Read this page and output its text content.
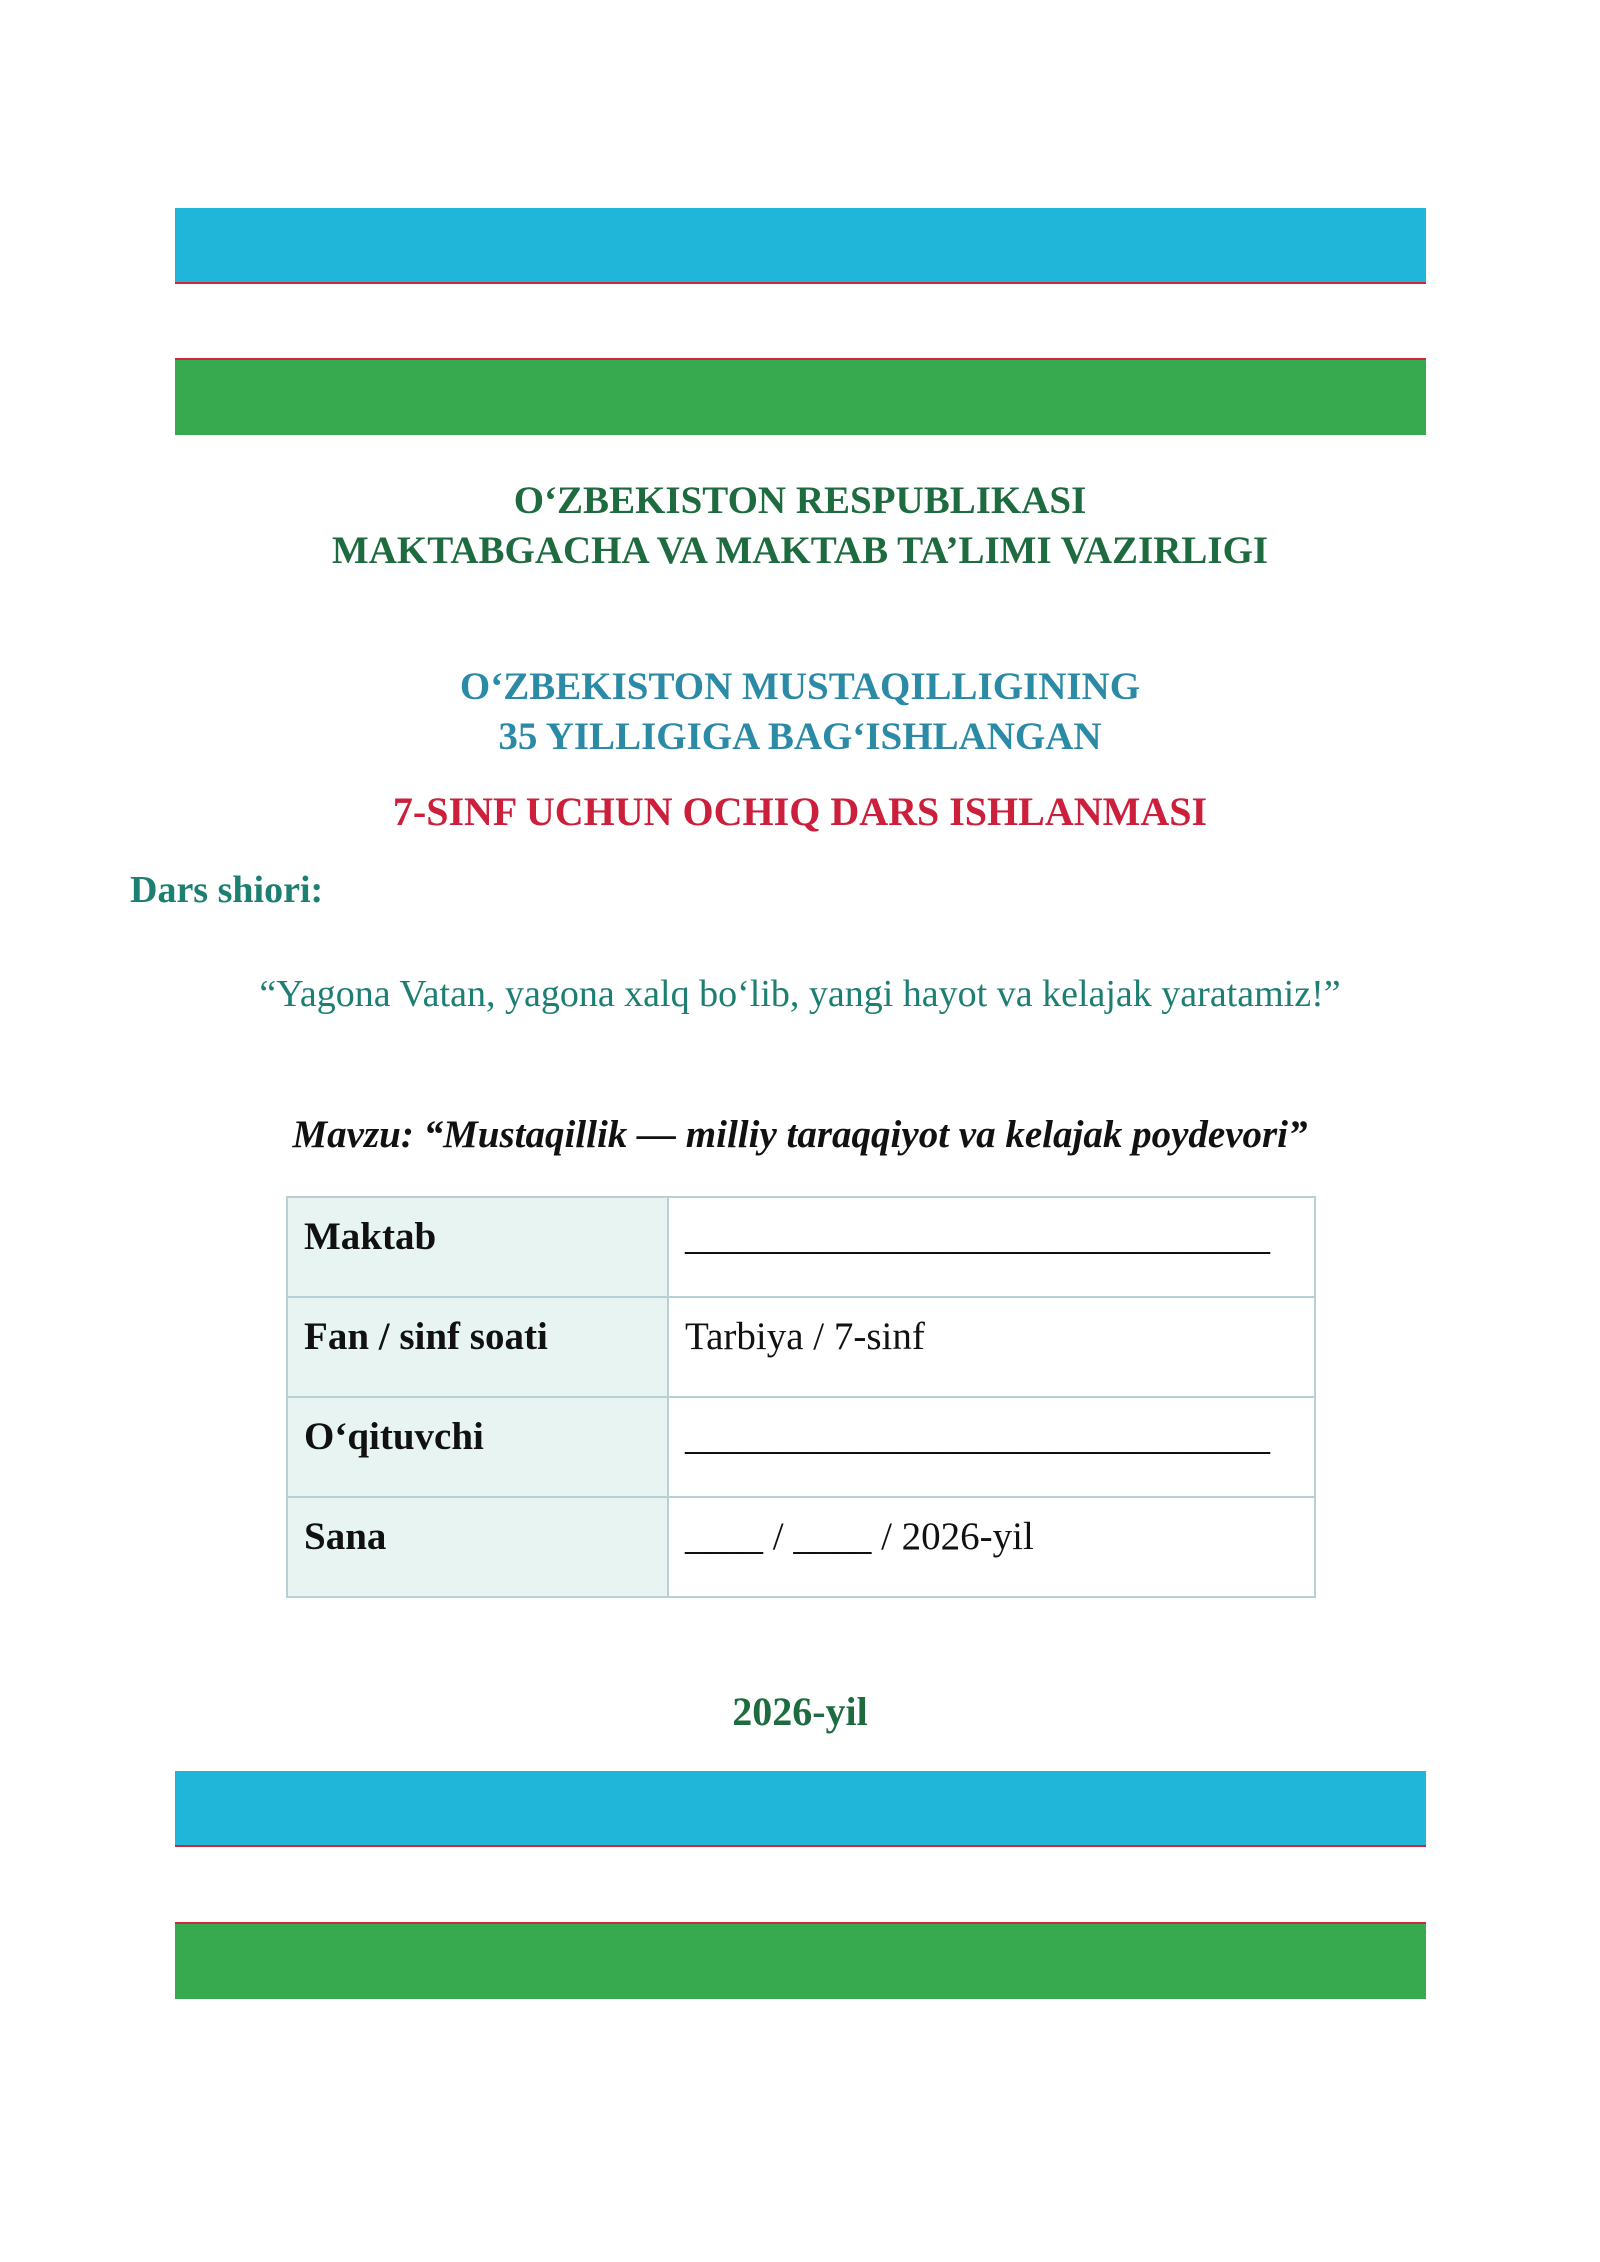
O‘ZBEKISTON RESPUBLIKASI
MAKTABGACHA VA MAKTAB TA’LIMI VAZIRLIGI
O‘ZBEKISTON MUSTAQILLIGINING
35 YILLIGIGA BAG‘ISHLANGAN
7-SINF UCHUN OCHIQ DARS ISHLANMASI
Dars shiori:
“Yagona Vatan, yagona xalq bo‘lib, yangi hayot va kelajak yaratamiz!”
Mavzu: “Mustaqillik — milliy taraqqiyot va kelajak poydevori”
Maktab	______________________________
Fan / sinf soati	Tarbiya / 7-sinf
O‘qituvchi	______________________________
Sana	____ / ____ / 2026-yil
2026-yil
